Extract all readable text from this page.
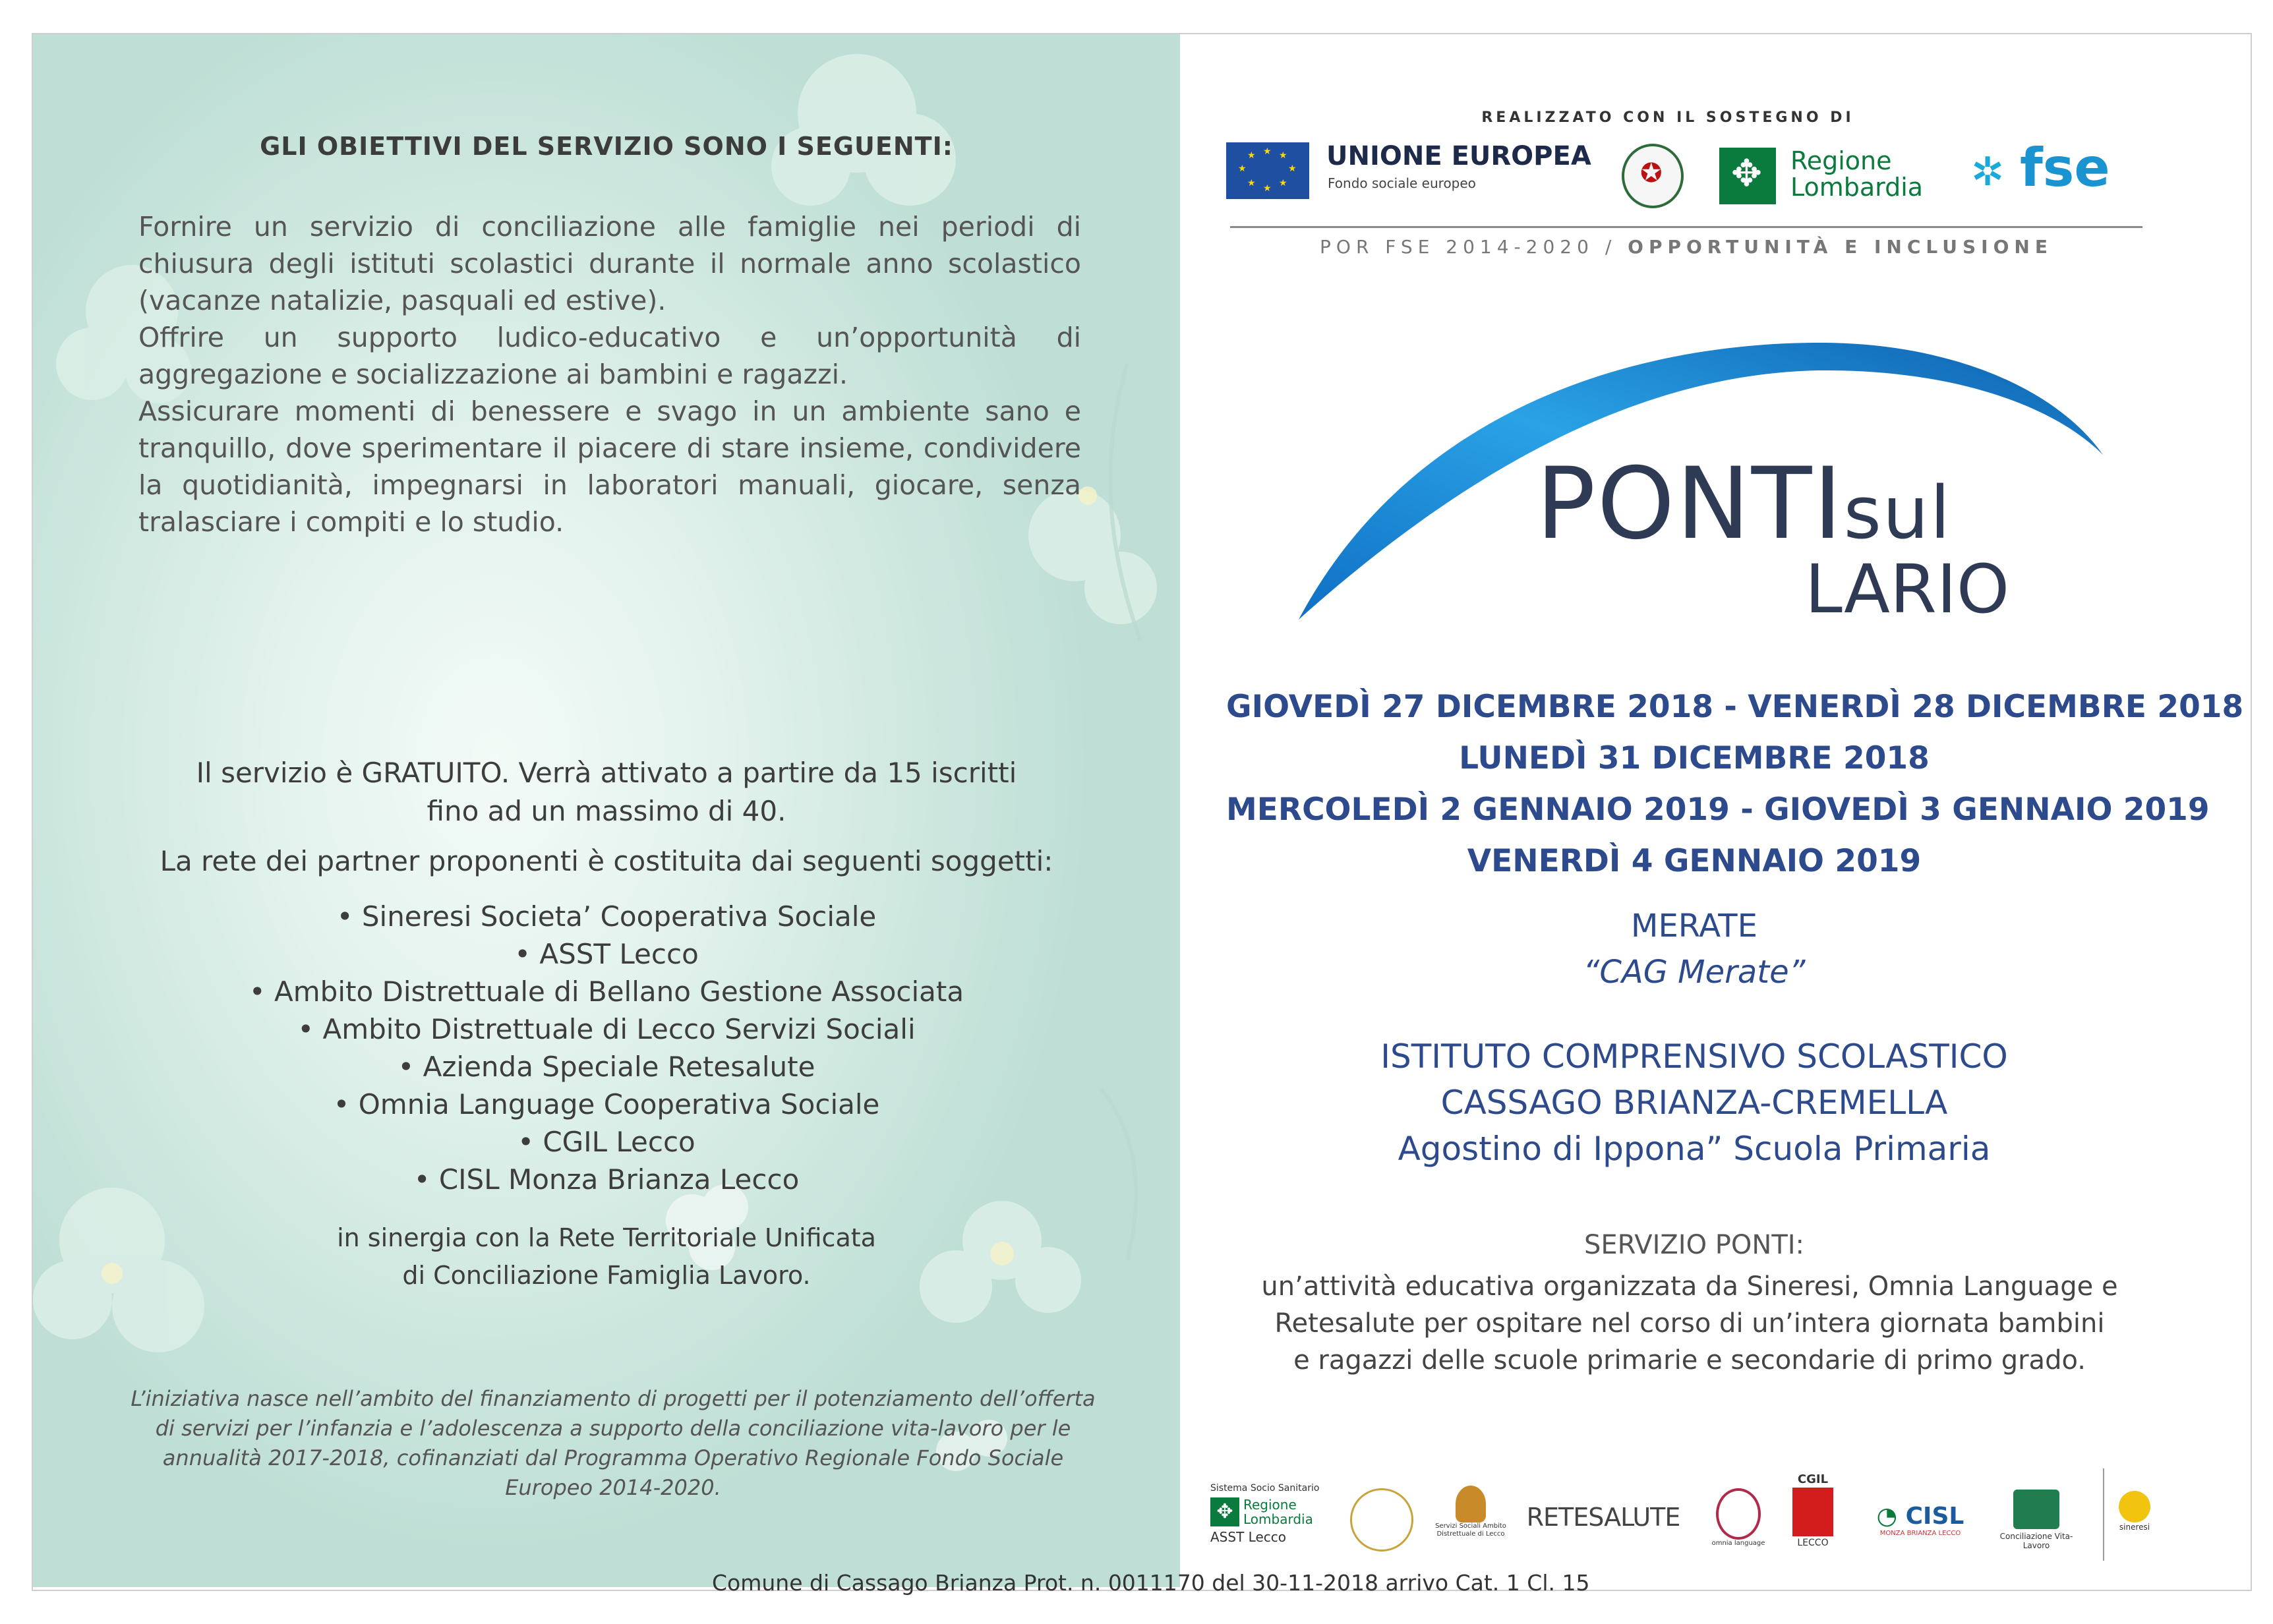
GLI OBIETTIVI DEL SERVIZIO SONO I SEGUENTI:

Fornire un servizio di conciliazione alle famiglie nei periodi di chiusura degli istituti scolastici durante il normale anno scolastico (vacanze natalizie, pasquali ed estive).

Offrire un supporto ludico-educativo e un’opportunità di aggregazione e socializzazione ai bambini e ragazzi.

Assicurare momenti di benessere e svago in un ambiente sano e tranquillo, dove sperimentare il piacere di stare insieme, condividere la quotidianità, impegnarsi in laboratori manuali, giocare, senza tralasciare i compiti e lo studio.

Il servizio è GRATUITO. Verrà attivato a partire da 15 iscritti
fino ad un massimo di 40.
La rete dei partner proponenti è costituita dai seguenti soggetti:
• Sineresi Societa’ Cooperativa Sociale
• ASST Lecco
• Ambito Distrettuale di Bellano Gestione Associata
• Ambito Distrettuale di Lecco Servizi Sociali
• Azienda Speciale Retesalute
• Omnia Language Cooperativa Sociale
• CGIL Lecco
• CISL Monza Brianza Lecco
in sinergia con la Rete Territoriale Unificata
di Conciliazione Famiglia Lavoro.
L’iniziativa nasce nell’ambito del finanziamento di progetti per il potenziamento dell’offerta di servizi per l’infanzia e l’adolescenza a supporto della conciliazione vita-lavoro per le annualità 2017-2018, cofinanziati dal Programma Operativo Regionale Fondo Sociale Europeo 2014-2020.
REALIZZATO CON IL SOSTEGNO DI
★ ★
★
★
★
★
★
★	UNIONE EUROPEA
Fondo sociale europeo	✪ ✥ Regione
Lombardia ✲ fse
POR FSE 2014-2020 / OPPORTUNITÀ E INCLUSIONE
PONTIsul
LARIO
GIOVEDÌ 27 DICEMBRE 2018 - VENERDÌ 28 DICEMBRE 2018
LUNEDÌ 31 DICEMBRE 2018
MERCOLEDÌ 2 GENNAIO 2019 - GIOVEDÌ 3 GENNAIO 2019
VENERDÌ 4 GENNAIO 2019
MERATE
“CAG Merate”
ISTITUTO COMPRENSIVO SCOLASTICO
CASSAGO BRIANZA-CREMELLA
Agostino di Ippona” Scuola Primaria
SERVIZIO PONTI:
un’attività educativa organizzata da Sineresi, Omnia Language e
Retesalute per ospitare nel corso di un’intera giornata bambini
e ragazzi delle scuole primarie e secondarie di primo grado.
Sistema Socio Sanitario
✥ Regione
Lombardia
ASST Lecco
Servizi Sociali Ambito Distrettuale di Lecco
RETESALUTE
omnia language
CGIL
LECCO
◔ CISL
MONZA BRIANZA LECCO	Conciliazione Vita-Lavoro
sineresi
Comune di Cassago Brianza Prot. n. 0011170 del 30-11-2018 arrivo Cat. 1 Cl. 15
